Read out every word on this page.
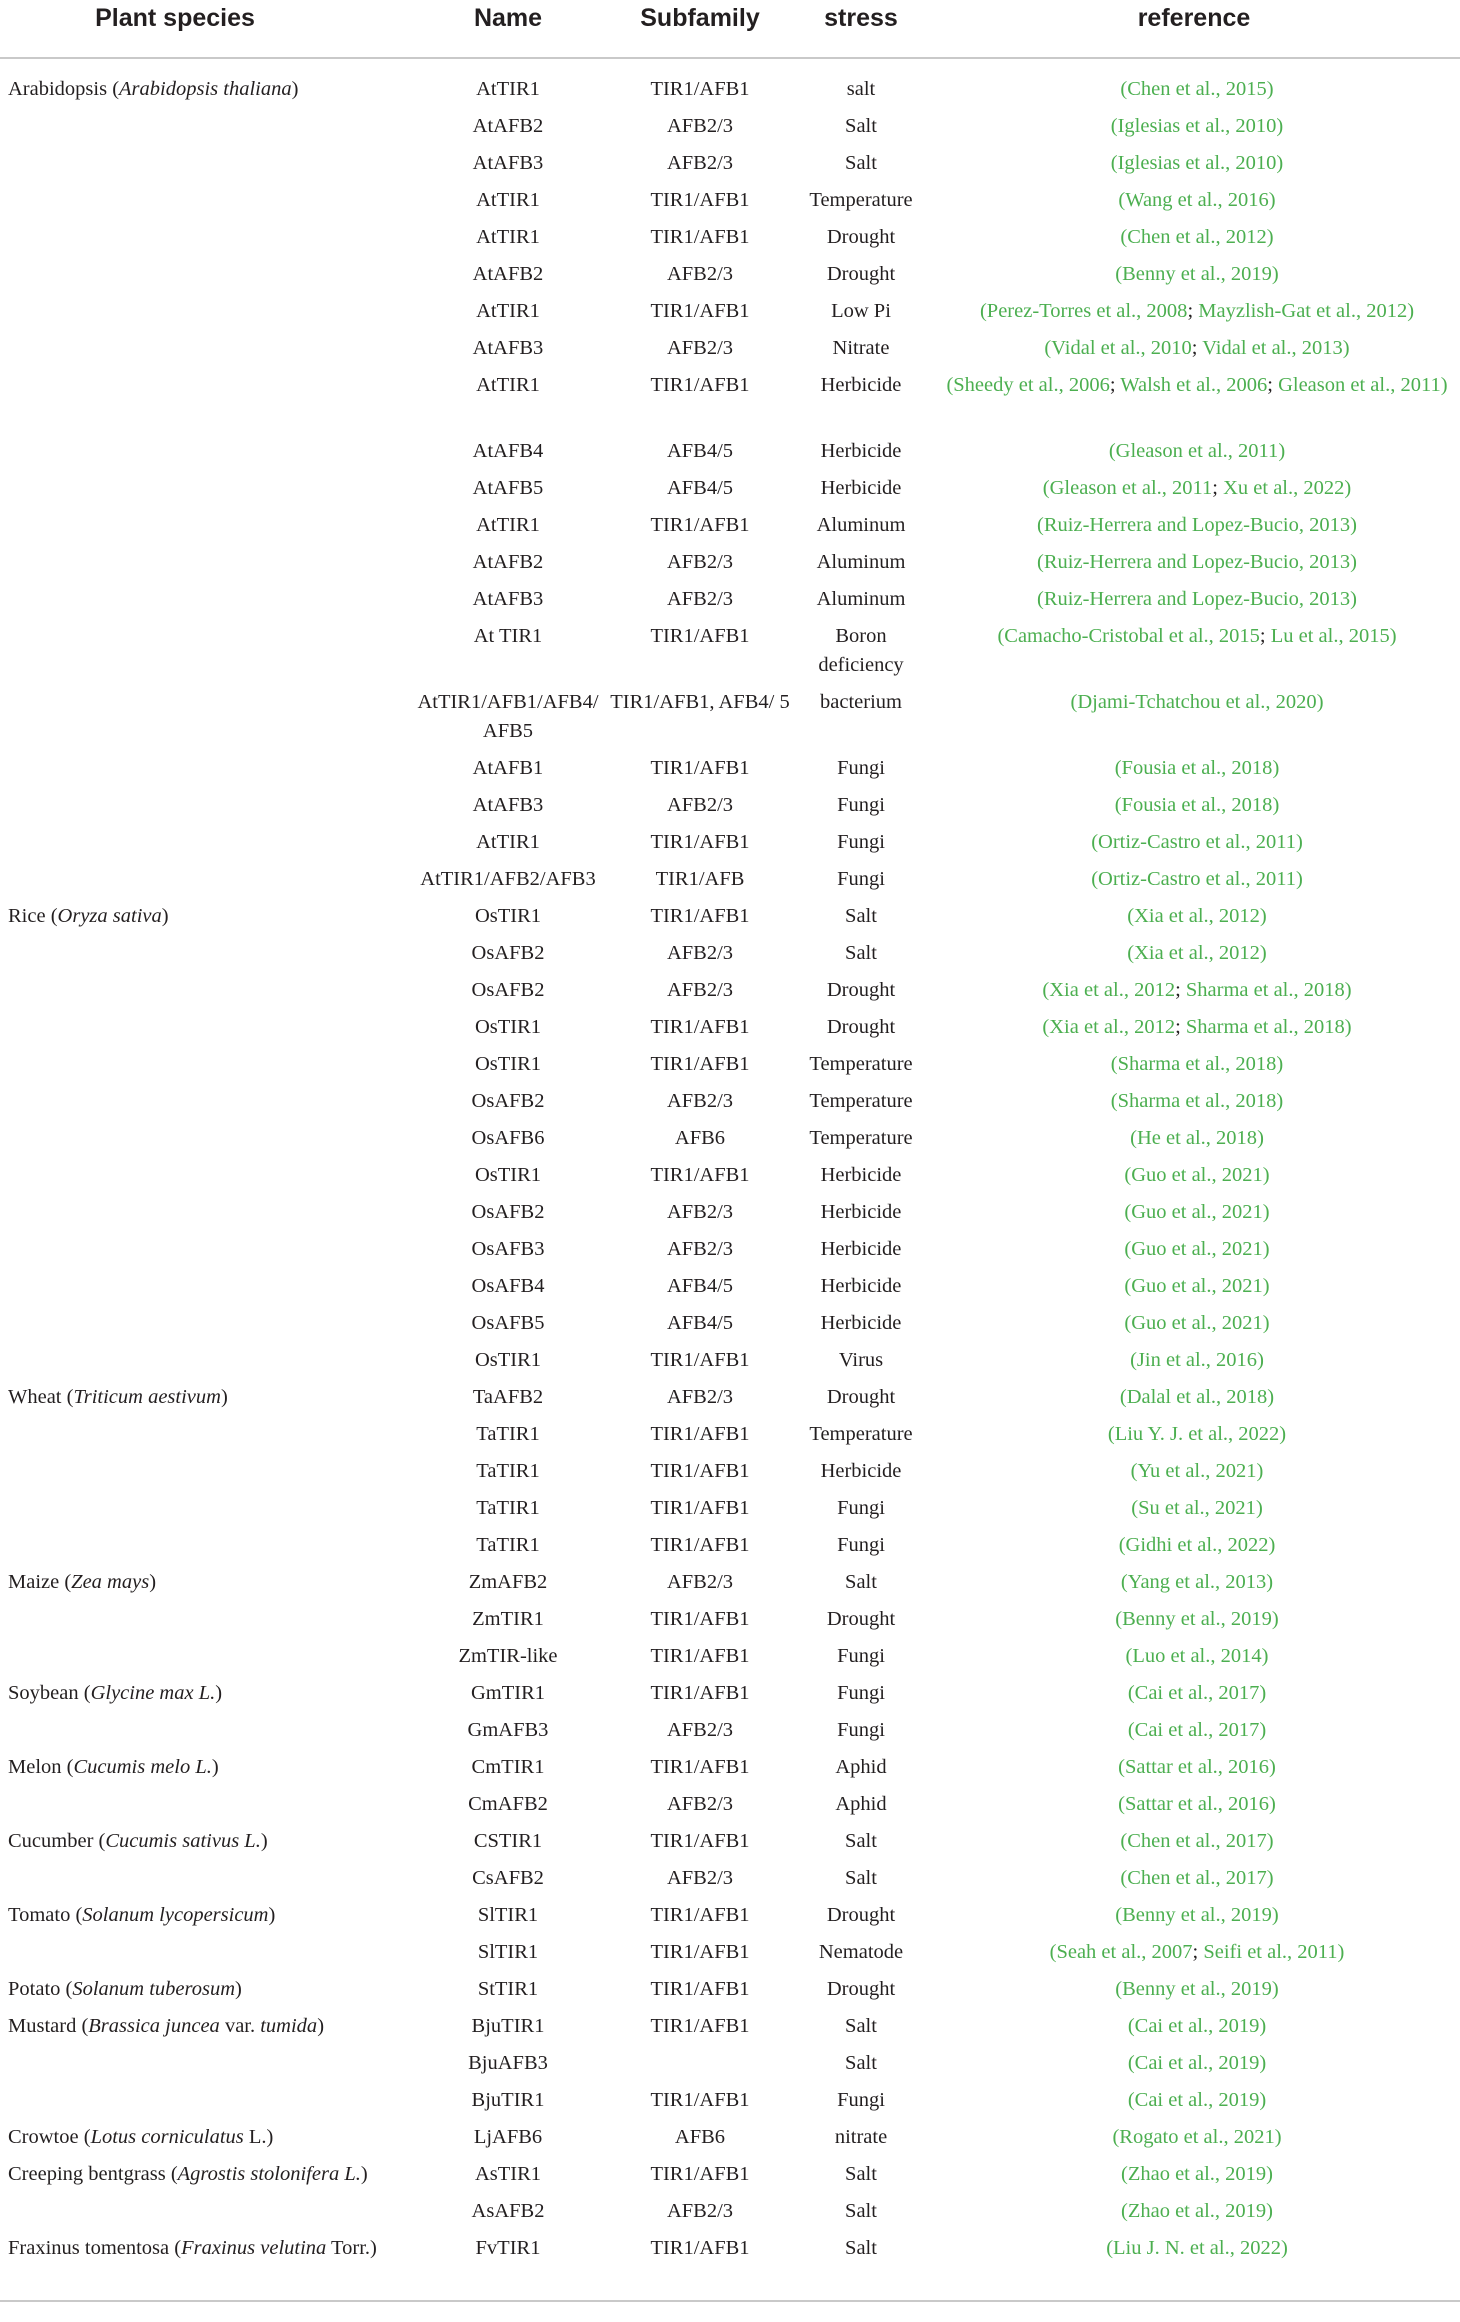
Plant species	Name	Subfamily	stress	reference
Arabidopsis (Arabidopsis thaliana)	AtTIR1	TIR1/AFB1	salt	(Chen et al., 2015)
	AtAFB2	AFB2/3	Salt	(Iglesias et al., 2010)
	AtAFB3	AFB2/3	Salt	(Iglesias et al., 2010)
	AtTIR1	TIR1/AFB1	Temperature	(Wang et al., 2016)
	AtTIR1	TIR1/AFB1	Drought	(Chen et al., 2012)
	AtAFB2	AFB2/3	Drought	(Benny et al., 2019)
	AtTIR1	TIR1/AFB1	Low Pi	(Perez-Torres et al., 2008; Mayzlish-Gat et al., 2012)
	AtAFB3	AFB2/3	Nitrate	(Vidal et al., 2010; Vidal et al., 2013)
	AtTIR1	TIR1/AFB1	Herbicide	(Sheedy et al., 2006; Walsh et al., 2006; Gleason et al., 2011)
	AtAFB4	AFB4/5	Herbicide	(Gleason et al., 2011)
	AtAFB5	AFB4/5	Herbicide	(Gleason et al., 2011; Xu et al., 2022)
	AtTIR1	TIR1/AFB1	Aluminum	(Ruiz-Herrera and Lopez-Bucio, 2013)
	AtAFB2	AFB2/3	Aluminum	(Ruiz-Herrera and Lopez-Bucio, 2013)
	AtAFB3	AFB2/3	Aluminum	(Ruiz-Herrera and Lopez-Bucio, 2013)
	At TIR1	TIR1/AFB1	Boron deficiency	(Camacho-Cristobal et al., 2015; Lu et al., 2015)
	AtTIR1/AFB1/AFB4/ AFB5	TIR1/AFB1, AFB4/ 5	bacterium	(Djami-Tchatchou et al., 2020)
	AtAFB1	TIR1/AFB1	Fungi	(Fousia et al., 2018)
	AtAFB3	AFB2/3	Fungi	(Fousia et al., 2018)
	AtTIR1	TIR1/AFB1	Fungi	(Ortiz-Castro et al., 2011)
	AtTIR1/AFB2/AFB3	TIR1/AFB	Fungi	(Ortiz-Castro et al., 2011)
Rice (Oryza sativa)	OsTIR1	TIR1/AFB1	Salt	(Xia et al., 2012)
	OsAFB2	AFB2/3	Salt	(Xia et al., 2012)
	OsAFB2	AFB2/3	Drought	(Xia et al., 2012; Sharma et al., 2018)
	OsTIR1	TIR1/AFB1	Drought	(Xia et al., 2012; Sharma et al., 2018)
	OsTIR1	TIR1/AFB1	Temperature	(Sharma et al., 2018)
	OsAFB2	AFB2/3	Temperature	(Sharma et al., 2018)
	OsAFB6	AFB6	Temperature	(He et al., 2018)
	OsTIR1	TIR1/AFB1	Herbicide	(Guo et al., 2021)
	OsAFB2	AFB2/3	Herbicide	(Guo et al., 2021)
	OsAFB3	AFB2/3	Herbicide	(Guo et al., 2021)
	OsAFB4	AFB4/5	Herbicide	(Guo et al., 2021)
	OsAFB5	AFB4/5	Herbicide	(Guo et al., 2021)
	OsTIR1	TIR1/AFB1	Virus	(Jin et al., 2016)
Wheat (Triticum aestivum)	TaAFB2	AFB2/3	Drought	(Dalal et al., 2018)
	TaTIR1	TIR1/AFB1	Temperature	(Liu Y. J. et al., 2022)
	TaTIR1	TIR1/AFB1	Herbicide	(Yu et al., 2021)
	TaTIR1	TIR1/AFB1	Fungi	(Su et al., 2021)
	TaTIR1	TIR1/AFB1	Fungi	(Gidhi et al., 2022)
Maize (Zea mays)	ZmAFB2	AFB2/3	Salt	(Yang et al., 2013)
	ZmTIR1	TIR1/AFB1	Drought	(Benny et al., 2019)
	ZmTIR-like	TIR1/AFB1	Fungi	(Luo et al., 2014)
Soybean (Glycine max L.)	GmTIR1	TIR1/AFB1	Fungi	(Cai et al., 2017)
	GmAFB3	AFB2/3	Fungi	(Cai et al., 2017)
Melon (Cucumis melo L.)	CmTIR1	TIR1/AFB1	Aphid	(Sattar et al., 2016)
	CmAFB2	AFB2/3	Aphid	(Sattar et al., 2016)
Cucumber (Cucumis sativus L.)	CSTIR1	TIR1/AFB1	Salt	(Chen et al., 2017)
	CsAFB2	AFB2/3	Salt	(Chen et al., 2017)
Tomato (Solanum lycopersicum)	SlTIR1	TIR1/AFB1	Drought	(Benny et al., 2019)
	SlTIR1	TIR1/AFB1	Nematode	(Seah et al., 2007; Seifi et al., 2011)
Potato (Solanum tuberosum)	StTIR1	TIR1/AFB1	Drought	(Benny et al., 2019)
Mustard (Brassica juncea var. tumida)	BjuTIR1	TIR1/AFB1	Salt	(Cai et al., 2019)
	BjuAFB3		Salt	(Cai et al., 2019)
	BjuTIR1	TIR1/AFB1	Fungi	(Cai et al., 2019)
Crowtoe (Lotus corniculatus L.)	LjAFB6	AFB6	nitrate	(Rogato et al., 2021)
Creeping bentgrass (Agrostis stolonifera L.)	AsTIR1	TIR1/AFB1	Salt	(Zhao et al., 2019)
	AsAFB2	AFB2/3	Salt	(Zhao et al., 2019)
Fraxinus tomentosa (Fraxinus velutina Torr.)	FvTIR1	TIR1/AFB1	Salt	(Liu J. N. et al., 2022)
